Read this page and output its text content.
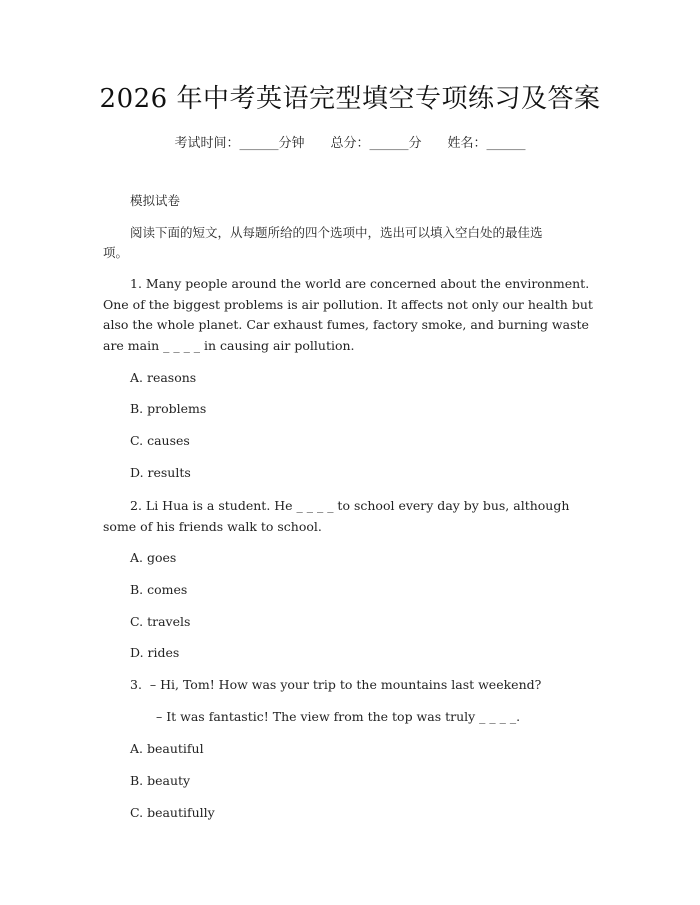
2026 年中考英语完型填空专项练习及答案
考试时间：______分钟　　总分：______分　　姓名：______
模拟试卷
阅读下面的短文，从每题所给的四个选项中，选出可以填入空白处的最佳选
项。
1. Many people around the world are concerned about the environment. One of the biggest problems is air pollution. It affects not only our health but also the whole planet. Car exhaust fumes, factory smoke, and burning waste are main _ _ _ _ in causing air pollution.
A. reasons
B. problems
C. causes
D. results
2. Li Hua is a student. He _ _ _ _ to school every day by bus, although some of his friends walk to school.
A. goes
B. comes
C. travels
D. rides
3.  – Hi, Tom! How was your trip to the mountains last weekend?
– It was fantastic! The view from the top was truly _ _ _ _.
A. beautiful
B. beauty
C. beautifully
